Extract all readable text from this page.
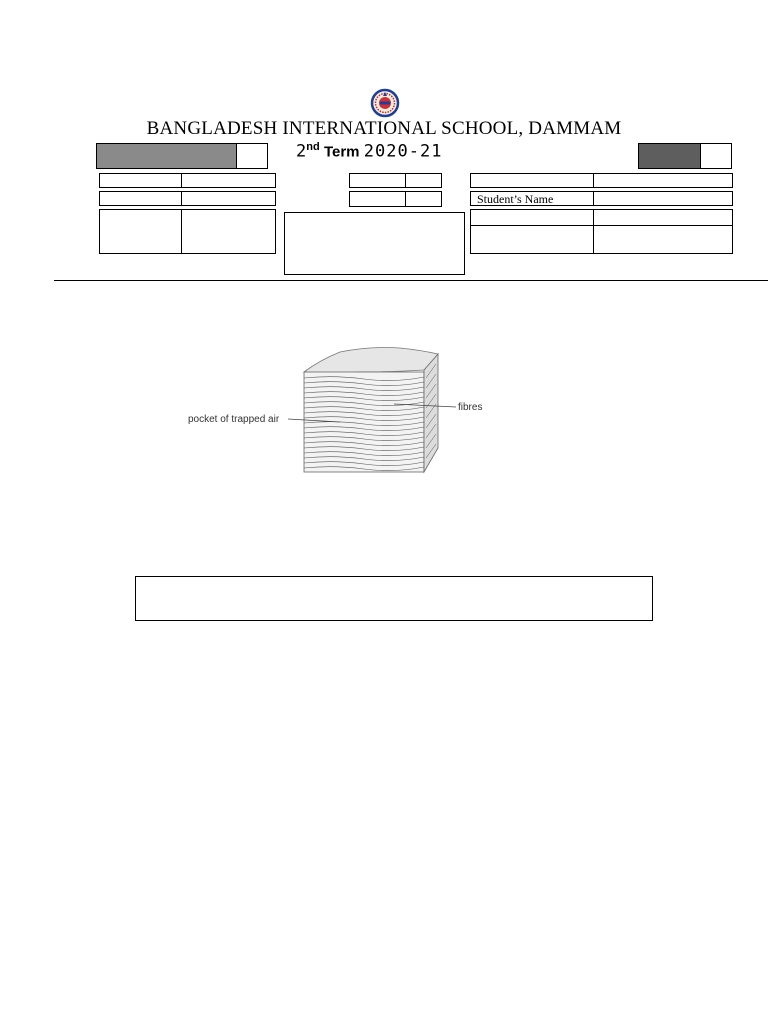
BANGLADESH INTERNATIONAL SCHOOL, DAMMAM
2nd Term 2020-21
Student’s Name
pocket of trapped air
fibres
